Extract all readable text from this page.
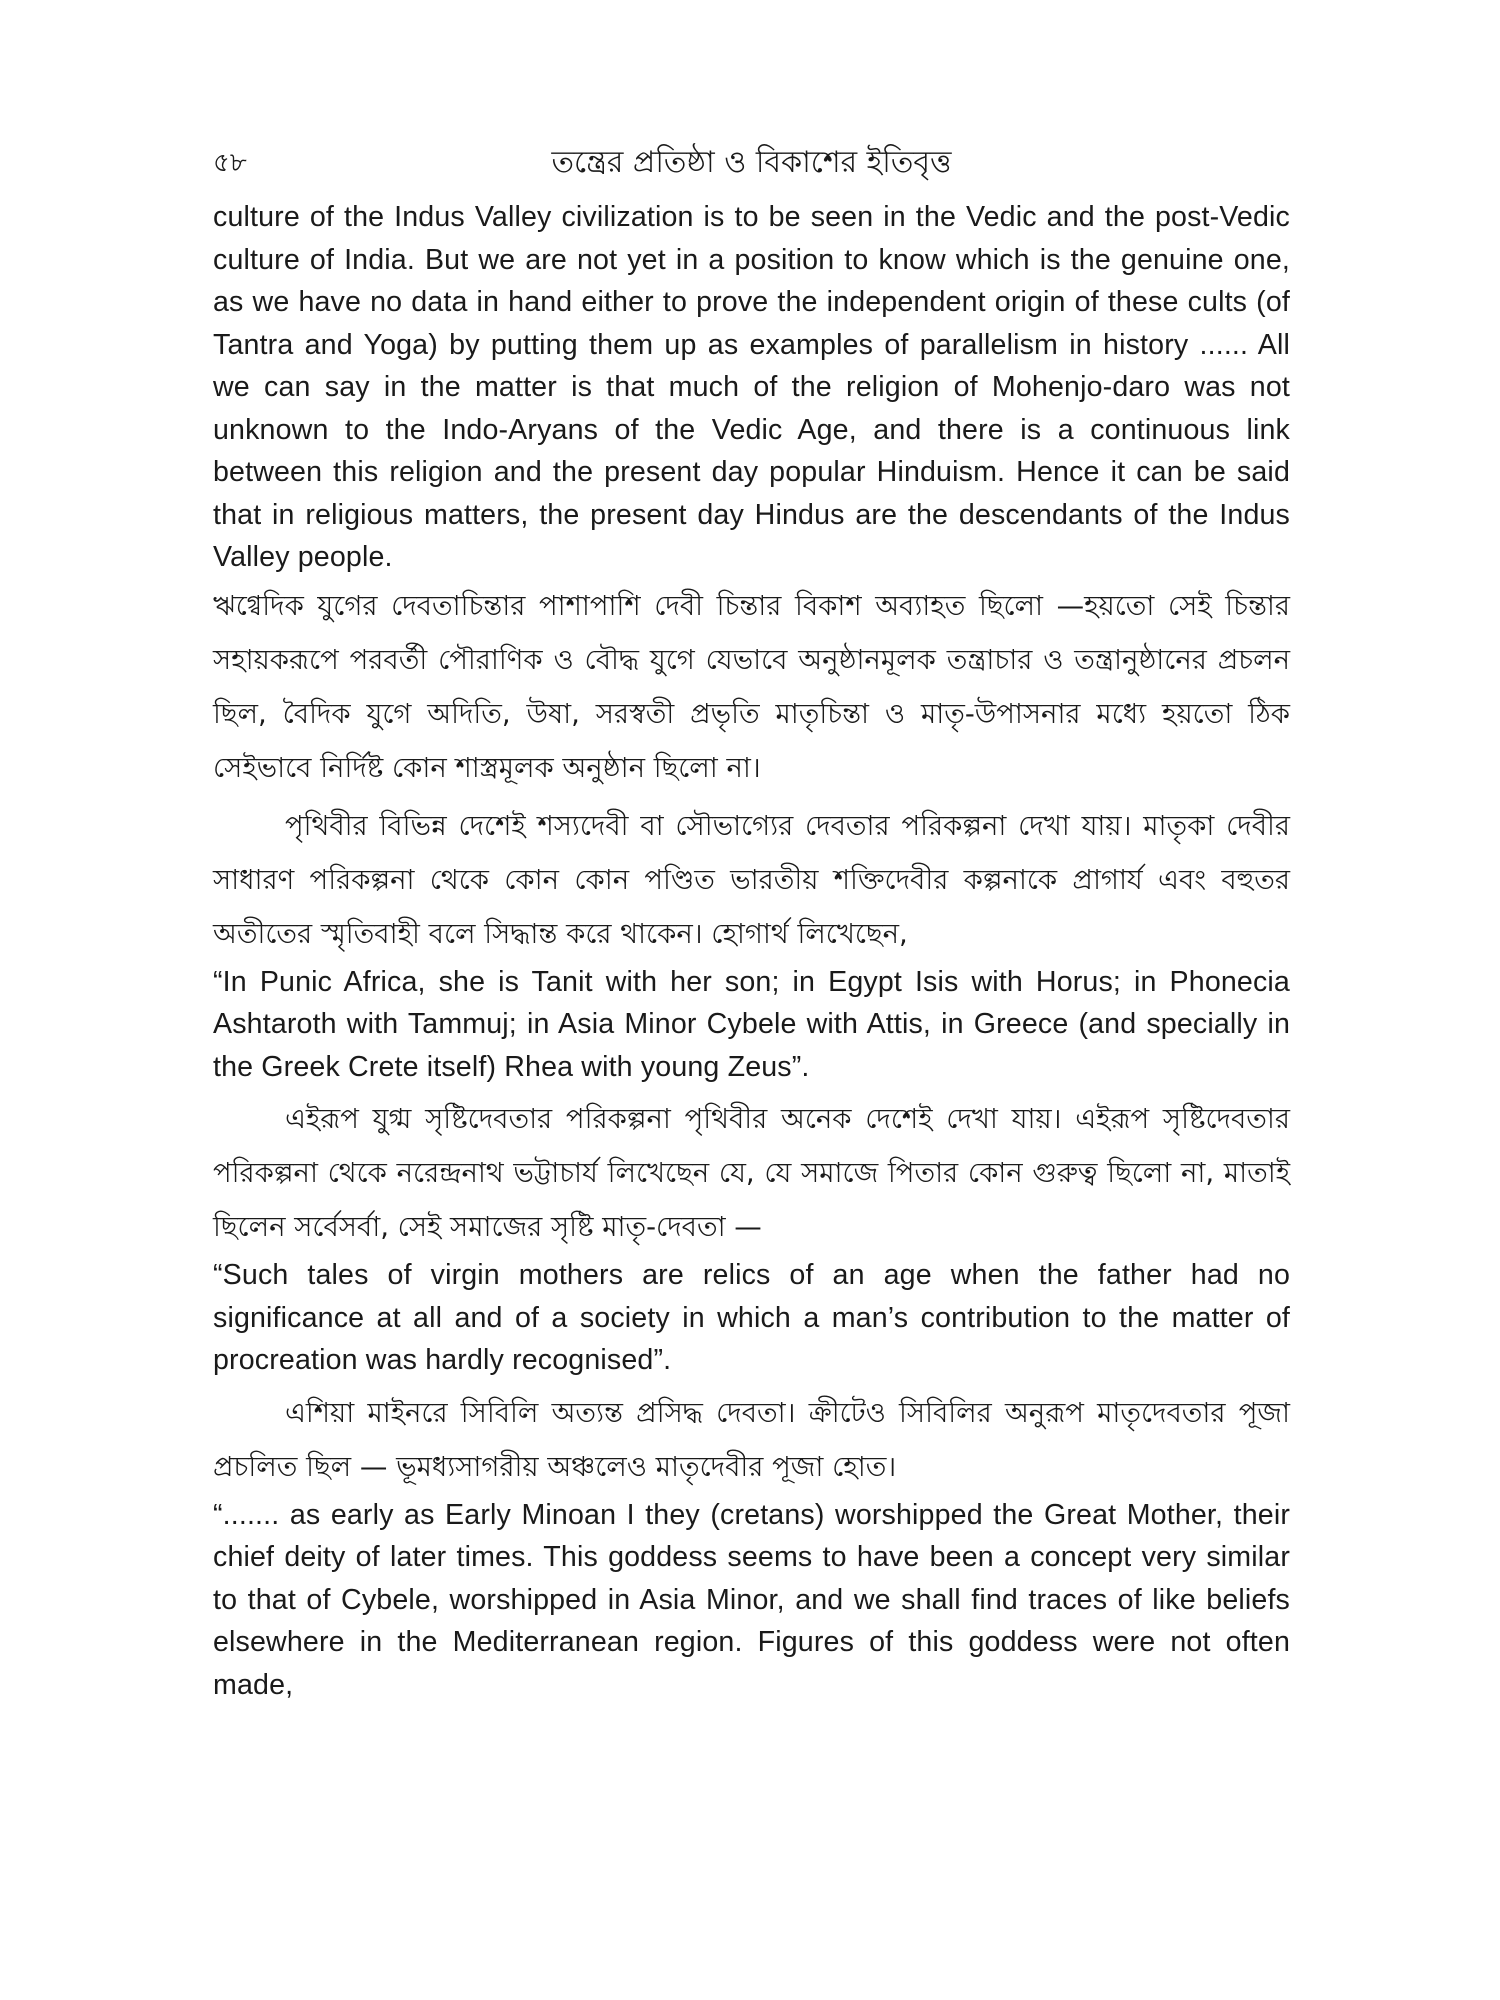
৫৮	তন্ত্রের প্রতিষ্ঠা ও বিকাশের ইতিবৃত্ত

culture of the Indus Valley civilization is to be seen in the Vedic and the post-Vedic culture of India. But we are not yet in a position to know which is the genuine one, as we have no data in hand either to prove the independent origin of these cults (of Tantra and Yoga) by putting them up as examples of parallelism in history ...... All we can say in the matter is that much of the religion of Mohenjo-daro was not unknown to the Indo-Aryans of the Vedic Age, and there is a continuous link between this religion and the present day popular Hinduism. Hence it can be said that in religious matters, the present day Hindus are the descendants of the Indus Valley people.

ঋগ্বেদিক যুগের দেবতাচিন্তার পাশাপাশি দেবী চিন্তার বিকাশ অব্যাহত ছিলো —হয়তো সেই চিন্তার সহায়করূপে পরবর্তী পৌরাণিক ও বৌদ্ধ যুগে যেভাবে অনুষ্ঠানমূলক তন্ত্রাচার ও তন্ত্রানুষ্ঠানের প্রচলন ছিল, বৈদিক যুগে অদিতি, উষা, সরস্বতী প্রভৃতি মাতৃচিন্তা ও মাতৃ-উপাসনার মধ্যে হয়তো ঠিক সেইভাবে নির্দিষ্ট কোন শাস্ত্রমূলক অনুষ্ঠান ছিলো না।

পৃথিবীর বিভিন্ন দেশেই শস্যদেবী বা সৌভাগ্যের দেবতার পরিকল্পনা দেখা যায়। মাতৃকা দেবীর সাধারণ পরিকল্পনা থেকে কোন কোন পণ্ডিত ভারতীয় শক্তিদেবীর কল্পনাকে প্রাগার্য এবং বহুতর অতীতের স্মৃতিবাহী বলে সিদ্ধান্ত করে থাকেন। হোগার্থ লিখেছেন,

“In Punic Africa, she is Tanit with her son; in Egypt Isis with Horus; in Phonecia Ashtaroth with Tammuj; in Asia Minor Cybele with Attis, in Greece (and specially in the Greek Crete itself) Rhea with young Zeus”.

এইরূপ যুগ্ম সৃষ্টিদেবতার পরিকল্পনা পৃথিবীর অনেক দেশেই দেখা যায়। এইরূপ সৃষ্টিদেবতার পরিকল্পনা থেকে নরেন্দ্রনাথ ভট্টাচার্য লিখেছেন যে, যে সমাজে পিতার কোন গুরুত্ব ছিলো না, মাতাই ছিলেন সর্বেসর্বা, সেই সমাজের সৃষ্টি মাতৃ-দেবতা —

“Such tales of virgin mothers are relics of an age when the father had no significance at all and of a society in which a man’s contribution to the matter of procreation was hardly recognised”.

এশিয়া মাইনরে সিবিলি অত্যন্ত প্রসিদ্ধ দেবতা। ক্রীটেও সিবিলির অনুরূপ মাতৃদেবতার পূজা প্রচলিত ছিল — ভূমধ্যসাগরীয় অঞ্চলেও মাতৃদেবীর পূজা হোত।

“....... as early as Early Minoan I they (cretans) worshipped the Great Mother, their chief deity of later times. This goddess seems to have been a concept very similar to that of Cybele, worshipped in Asia Minor, and we shall find traces of like beliefs elsewhere in the Mediterranean region. Figures of this goddess were not often made,
